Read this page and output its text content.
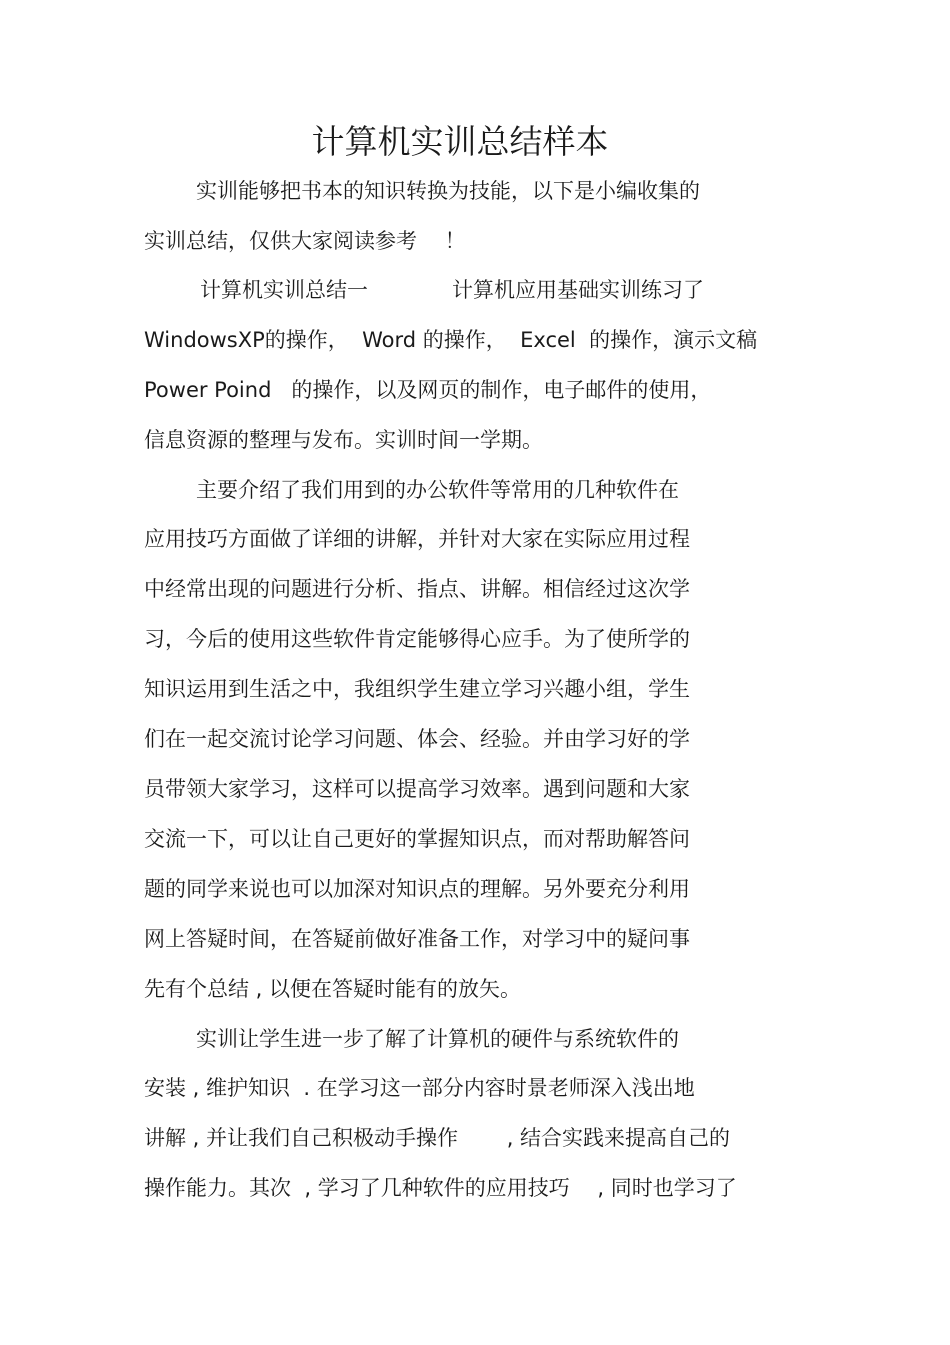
计算机实训总结样本
实训能够把书本的知识转换为技能，以下是小编收集的
实训总结，仅供大家阅读参考　 ！
计算机实训总结一　　　　计算机应用基础实训练习了
WindowsXP的操作，  Word 的操作，  Excel  的操作，演示文稿
Power Poind   的操作，以及网页的制作，电子邮件的使用，
信息资源的整理与发布。实训时间一学期。
主要介绍了我们用到的办公软件等常用的几种软件在
应用技巧方面做了详细的讲解，并针对大家在实际应用过程
中经常出现的问题进行分析、指点、讲解。相信经过这次学
习，今后的使用这些软件肯定能够得心应手。为了使所学的
知识运用到生活之中，我组织学生建立学习兴趣小组，学生
们在一起交流讨论学习问题、体会、经验。并由学习好的学
员带领大家学习，这样可以提高学习效率。遇到问题和大家
交流一下，可以让自己更好的掌握知识点，而对帮助解答问
题的同学来说也可以加深对知识点的理解。另外要充分利用
网上答疑时间，在答疑前做好准备工作，对学习中的疑问事
先有个总结 , 以便在答疑时能有的放矢。
实训让学生进一步了解了计算机的硬件与系统软件的
安装 , 维护知识  . 在学习这一部分内容时景老师深入浅出地
讲解 , 并让我们自己积极动手操作　　 , 结合实践来提高自己的
操作能力。其次  , 学习了几种软件的应用技巧　 , 同时也学习了
